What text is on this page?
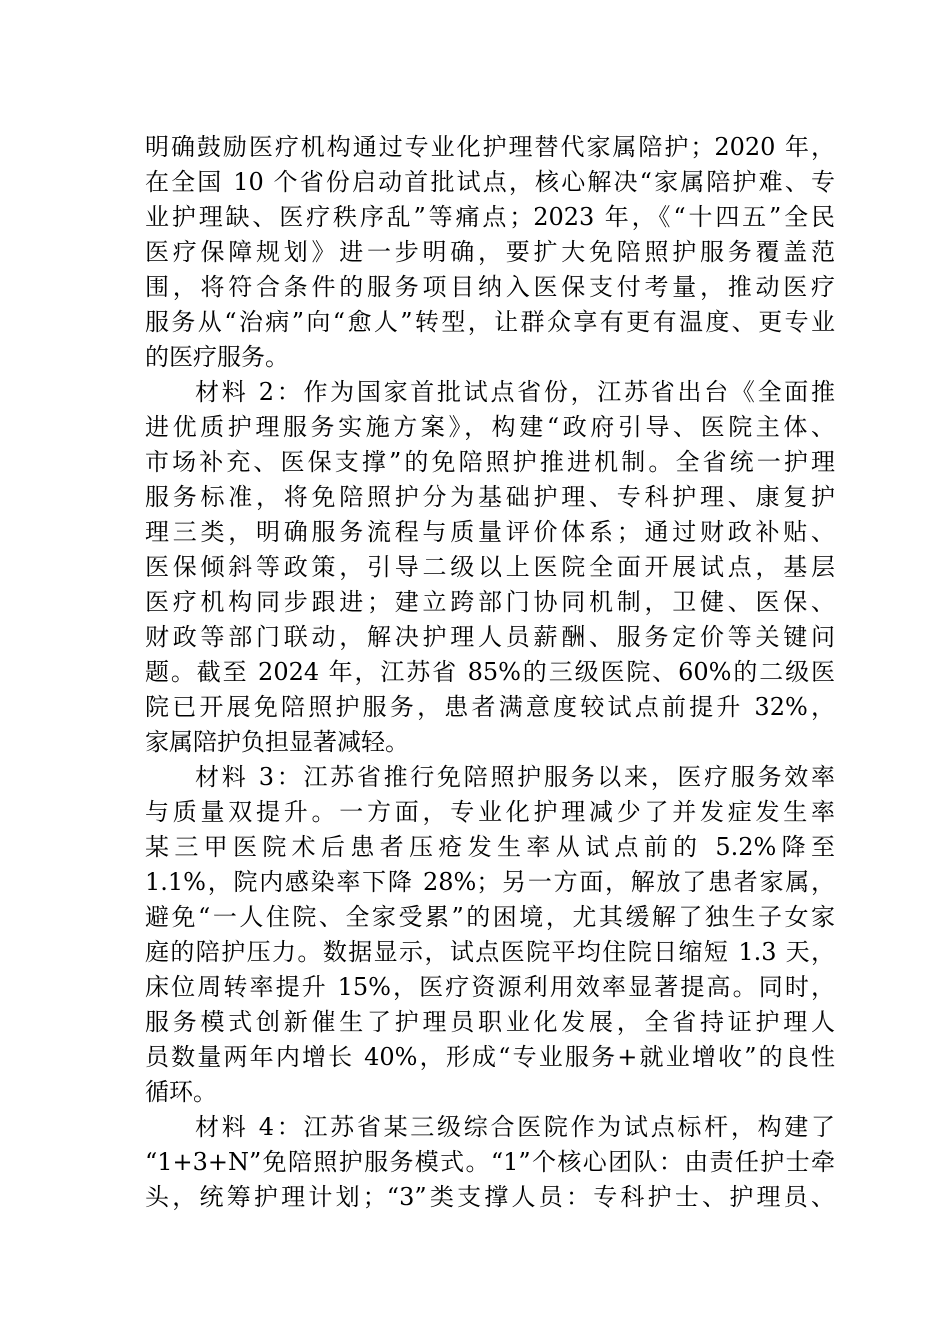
明确鼓励医疗机构通过专业化护理替代家属陪护；2020 年，
在全国 10 个省份启动首批试点，核心解决“家属陪护难、专
业护理缺、医疗秩序乱”等痛点；2023 年，《“十四五”全民
医疗保障规划》进一步明确，要扩大免陪照护服务覆盖范
围，将符合条件的服务项目纳入医保支付考量，推动医疗
服务从“治病”向“愈人”转型，让群众享有更有温度、更专业
的医疗服务。
材料 2：作为国家首批试点省份，江苏省出台《全面推
进优质护理服务实施方案》，构建“政府引导、医院主体、
市场补充、医保支撑”的免陪照护推进机制。全省统一护理
服务标准，将免陪照护分为基础护理、专科护理、康复护
理三类，明确服务流程与质量评价体系；通过财政补贴、
医保倾斜等政策，引导二级以上医院全面开展试点，基层
医疗机构同步跟进；建立跨部门协同机制，卫健、医保、
财政等部门联动，解决护理人员薪酬、服务定价等关键问
题。截至 2024 年，江苏省 85%的三级医院、60%的二级医
院已开展免陪照护服务，患者满意度较试点前提升 32%，
家属陪护负担显著减轻。
材料 3：江苏省推行免陪照护服务以来，医疗服务效率
与质量双提升。一方面，专业化护理减少了并发症发生率
某三甲医院术后患者压疮发生率从试点前的 5.2%降至
1.1%，院内感染率下降 28%；另一方面，解放了患者家属，
避免“一人住院、全家受累”的困境，尤其缓解了独生子女家
庭的陪护压力。数据显示，试点医院平均住院日缩短 1.3 天，
床位周转率提升 15%，医疗资源利用效率显著提高。同时，
服务模式创新催生了护理员职业化发展，全省持证护理人
员数量两年内增长 40%，形成“专业服务+就业增收”的良性
循环。
材料 4：江苏省某三级综合医院作为试点标杆，构建了
“1+3+N”免陪照护服务模式。“1”个核心团队：由责任护士牵
头，统筹护理计划；“3”类支撑人员：专科护士、护理员、
